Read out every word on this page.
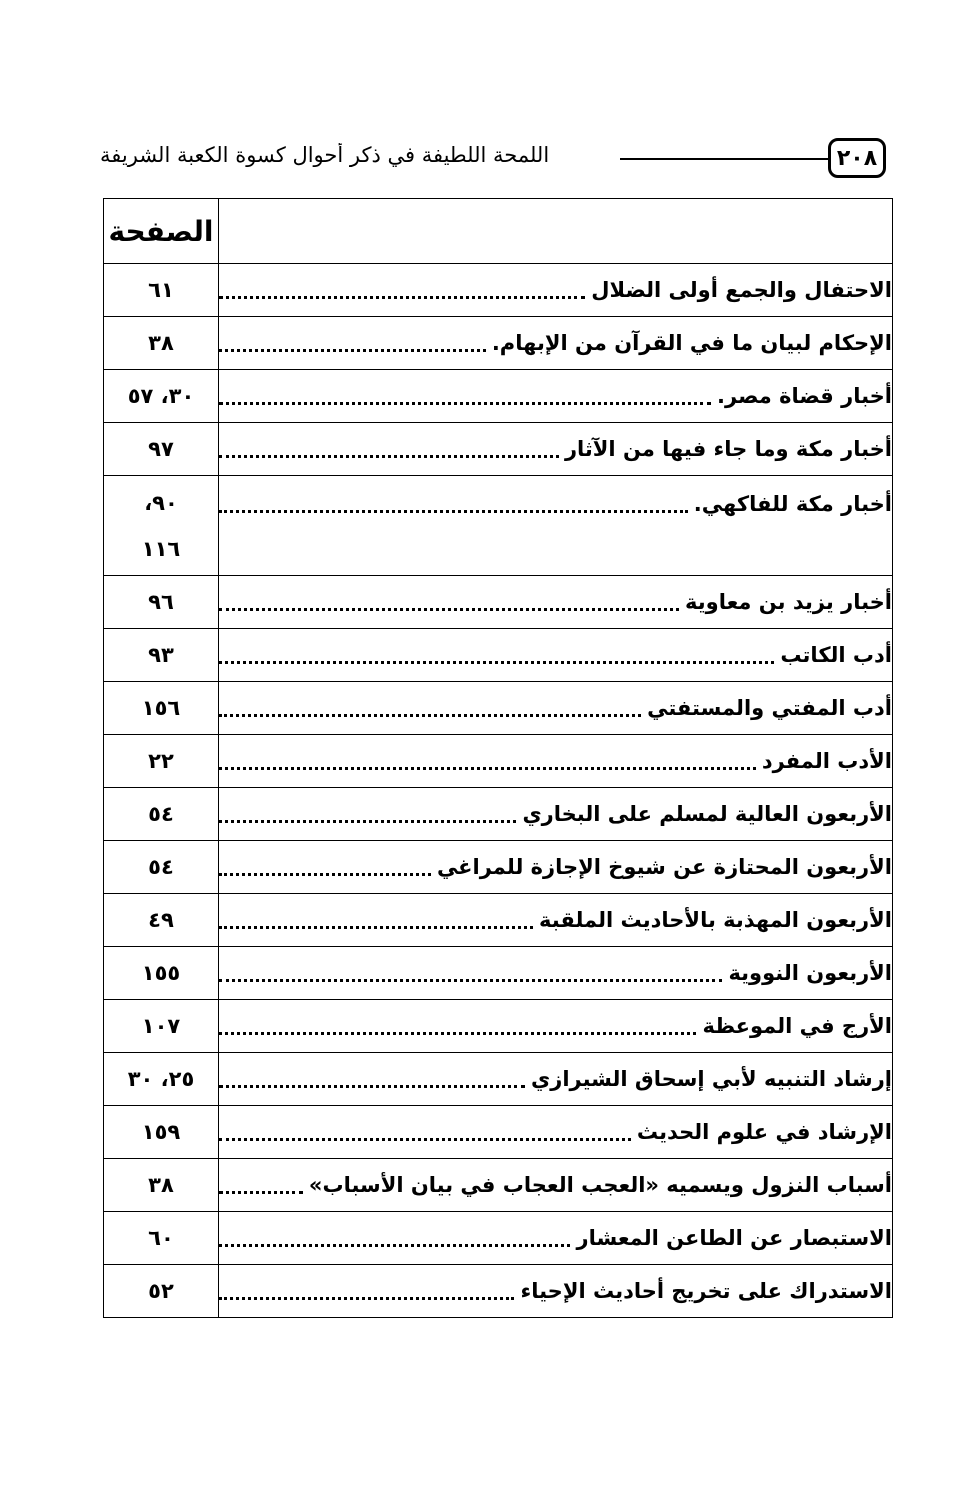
٢٠٨
اللمحة اللطيفة في ذكر أحوال كسوة الكعبة الشريفة
	الصفحة

الاحتفال والجمع أولى الضلال	٦١

الإحكام لبيان ما في القرآن من الإبهام.	٣٨

أخبار قضاة مصر.	٣٠، ٥٧

أخبار مكة وما جاء فيها من الآثار	٩٧

أخبار مكة للفاكهي.	٩٠،
١١٦

أخبار يزيد بن معاوية	٩٦

أدب الكاتب	٩٣

أدب المفتي والمستفتي	١٥٦

الأدب المفرد	٢٢

الأربعون العالية لمسلم على البخاري	٥٤

الأربعون المحتازة عن شيوخ الإجازة للمراغي	٥٤

الأربعون المهذبة بالأحاديث الملقبة	٤٩

الأربعون النووية	١٥٥

الأرج في الموعظة	١٠٧

إرشاد التنبيه لأبي إسحاق الشيرازي	٢٥، ٣٠

الإرشاد في علوم الحديث	١٥٩

أسباب النزول ويسميه «العجب العجاب في بيان الأسباب»	٣٨

الاستبصار عن الطاعن المعشار	٦٠

الاستدراك على تخريج أحاديث الإحياء	٥٢
